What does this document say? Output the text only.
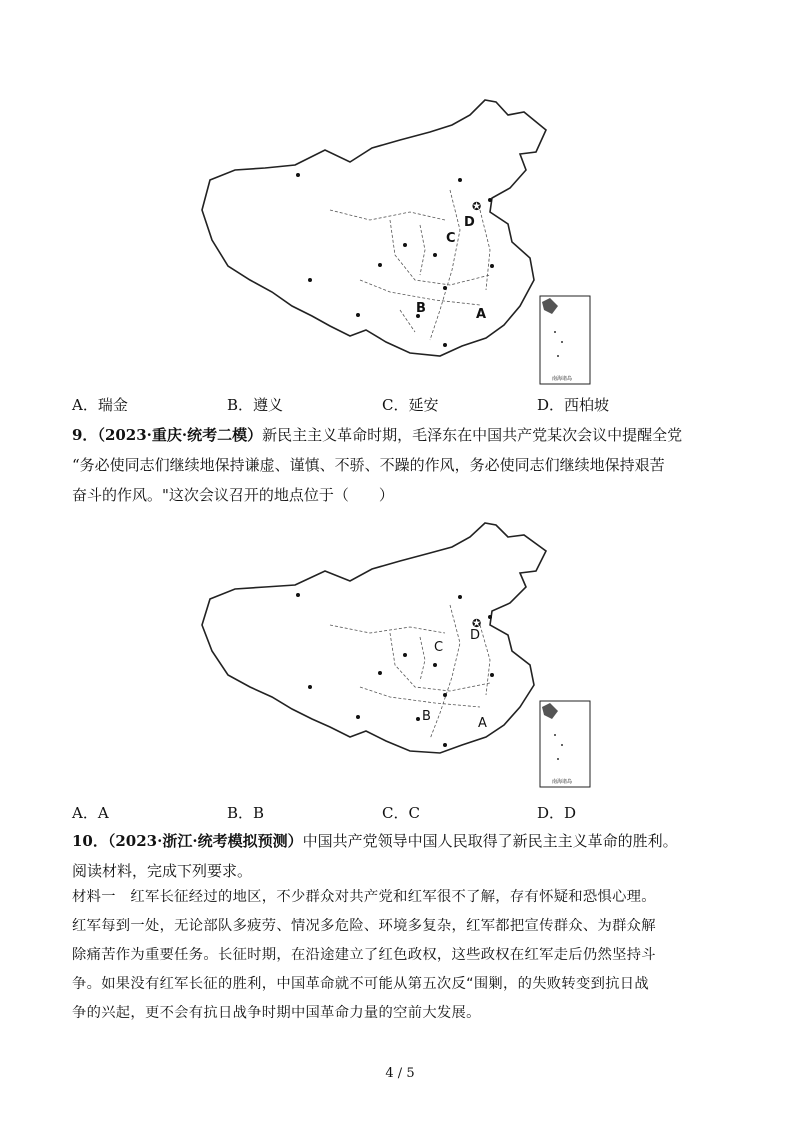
✪
C
D
B	A
南海诸岛
A．瑞金	B．遵义	C．延安	D．西柏坡
9．（2023·重庆·统考二模）新民主主义革命时期，毛泽东在中国共产党某次会议中提醒全党
“务必使同志们继续地保持谦虚、谨慎、不骄、不躁的作风，务必使同志们继续地保持艰苦
奋斗的作风。"这次会议召开的地点位于（　　）
✪
C
D
B	A
南海诸岛
A．A	B．B	C．C	D．D
10．（2023·浙江·统考模拟预测）中国共产党领导中国人民取得了新民主主义革命的胜利。
阅读材料，完成下列要求。
材料一　红军长征经过的地区，不少群众对共产党和红军很不了解，存有怀疑和恐惧心理。
红军每到一处，无论部队多疲劳、情况多危险、环境多复杂，红军都把宣传群众、为群众解
除痛苦作为重要任务。长征时期，在沿途建立了红色政权，这些政权在红军走后仍然坚持斗
争。如果没有红军长征的胜利，中国革命就不可能从第五次反“围剿，的失败转变到抗日战
争的兴起，更不会有抗日战争时期中国革命力量的空前大发展。
4 / 5
